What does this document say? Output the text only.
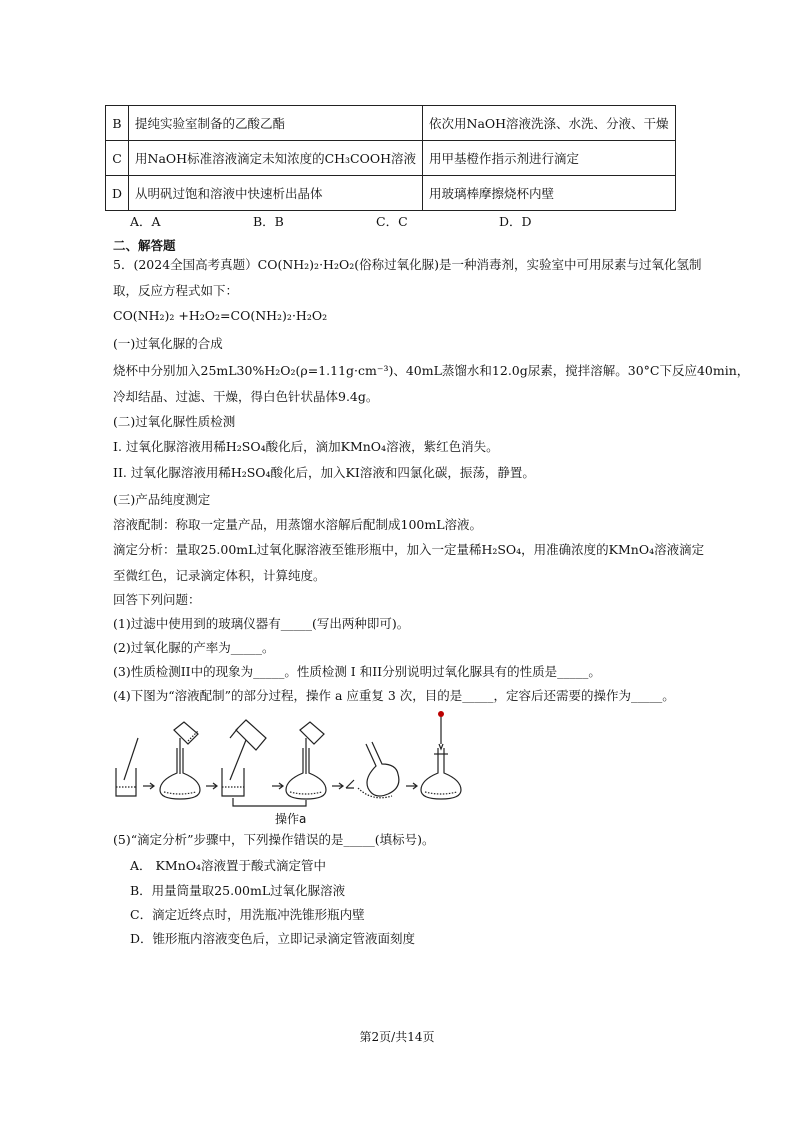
B	提纯实验室制备的乙酸乙酯	依次用NaOH溶液洗涤、水洗、分液、干燥
C	用NaOH标准溶液滴定未知浓度的CH₃COOH溶液	用甲基橙作指示剂进行滴定
D	从明矾过饱和溶液中快速析出晶体	用玻璃棒摩擦烧杯内壁
A．A	B．B	C．C	D．D
二、解答题
5．(2024全国高考真题）CO(NH₂)₂·H₂O₂(俗称过氧化脲)是一种消毒剂，实验室中可用尿素与过氧化氢制
取，反应方程式如下：
CO(NH₂)₂ +H₂O₂=CO(NH₂)₂·H₂O₂
(一)过氧化脲的合成
烧杯中分别加入25mL30%H₂O₂(ρ=1.11g·cm⁻³)、40mL蒸馏水和12.0g尿素，搅拌溶解。30°C下反应40min，
冷却结晶、过滤、干燥，得白色针状晶体9.4g。
(二)过氧化脲性质检测
I. 过氧化脲溶液用稀H₂SO₄酸化后，滴加KMnO₄溶液，紫红色消失。
II. 过氧化脲溶液用稀H₂SO₄酸化后，加入KI溶液和四氯化碳，振荡，静置。
(三)产品纯度测定
溶液配制：称取一定量产品，用蒸馏水溶解后配制成100mL溶液。
滴定分析：量取25.00mL过氧化脲溶液至锥形瓶中，加入一定量稀H₂SO₄，用准确浓度的KMnO₄溶液滴定
至微红色，记录滴定体积，计算纯度。
回答下列问题：
(1)过滤中使用到的玻璃仪器有_____(写出两种即可)。
(2)过氧化脲的产率为_____。
(3)性质检测II中的现象为_____。性质检测 I 和II分别说明过氧化脲具有的性质是_____。
(4)下图为“溶液配制”的部分过程，操作 a 应重复 3 次，目的是_____，定容后还需要的操作为_____。
操作a
(5)“滴定分析”步骤中，下列操作错误的是_____(填标号)。
A． KMnO₄溶液置于酸式滴定管中
B．用量筒量取25.00mL过氧化脲溶液
C．滴定近终点时，用洗瓶冲洗锥形瓶内壁
D．锥形瓶内溶液变色后，立即记录滴定管液面刻度
第2页/共14页
